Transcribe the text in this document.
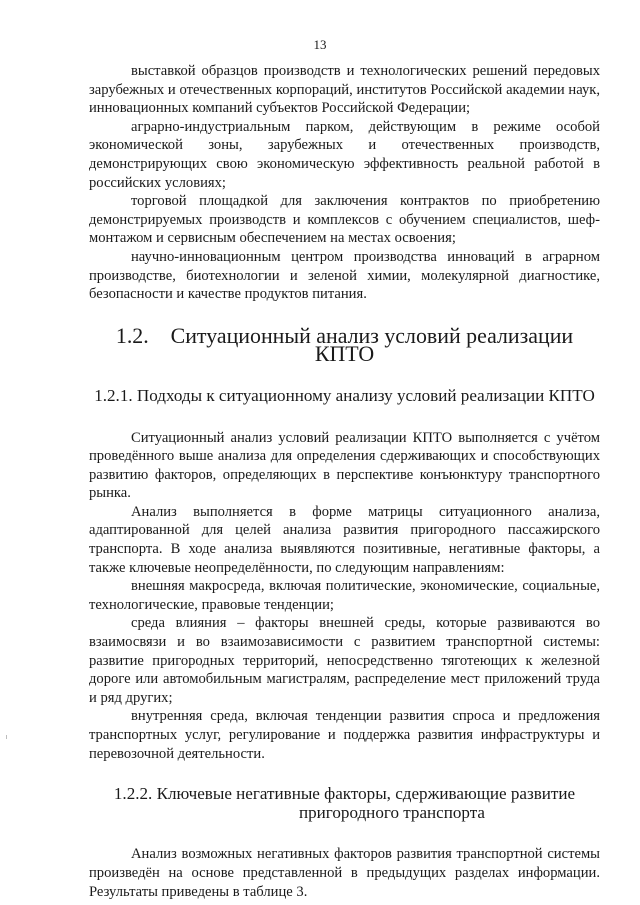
13

выставкой образцов производств и технологических решений передовых зарубежных и отечественных корпораций, институтов Российской академии наук, инновационных компаний субъектов Российской Федерации;

аграрно-индустриальным парком, действующим в режиме особой экономической зоны, зарубежных и отечественных производств, демонстрирующих свою экономическую эффективность реальной работой в российских условиях;

торговой площадкой для заключения контрактов по приобретению демонстрируемых производств и комплексов с обучением специалистов, шеф-монтажом и сервисным обеспечением на местах освоения;

научно-инновационным центром производства инноваций в аграрном производстве, биотехнологии и зеленой химии, молекулярной диагностике, безопасности и качестве продуктов питания.

1.2. Ситуационный анализ условий реализации КПТО
1.2.1. Подходы к ситуационному анализу условий реализации КПТО

Ситуационный анализ условий реализации КПТО выполняется с учётом проведённого выше анализа для определения сдерживающих и способствующих развитию факторов, определяющих в перспективе конъюнктуру транспортного рынка.

Анализ выполняется в форме матрицы ситуационного анализа, адаптированной для целей анализа развития пригородного пассажирского транспорта. В ходе анализа выявляются позитивные, негативные факторы, а также ключевые неопределённости, по следующим направлениям:

внешняя макросреда, включая политические, экономические, социальные, технологические, правовые тенденции;

среда влияния – факторы внешней среды, которые развиваются во взаимосвязи и во взаимозависимости с развитием транспортной системы: развитие пригородных территорий, непосредственно тяготеющих к железной дороге или автомобильным магистралям, распределение мест приложений труда и ряд других;

внутренняя среда, включая тенденции развития спроса и предложения транспортных услуг, регулирование и поддержка развития инфраструктуры и перевозочной деятельности.

1.2.2. Ключевые негативные факторы, сдерживающие развитие
пригородного транспорта

Анализ возможных негативных факторов развития транспортной системы произведён на основе представленной в предыдущих разделах информации. Результаты приведены в таблице 3.
